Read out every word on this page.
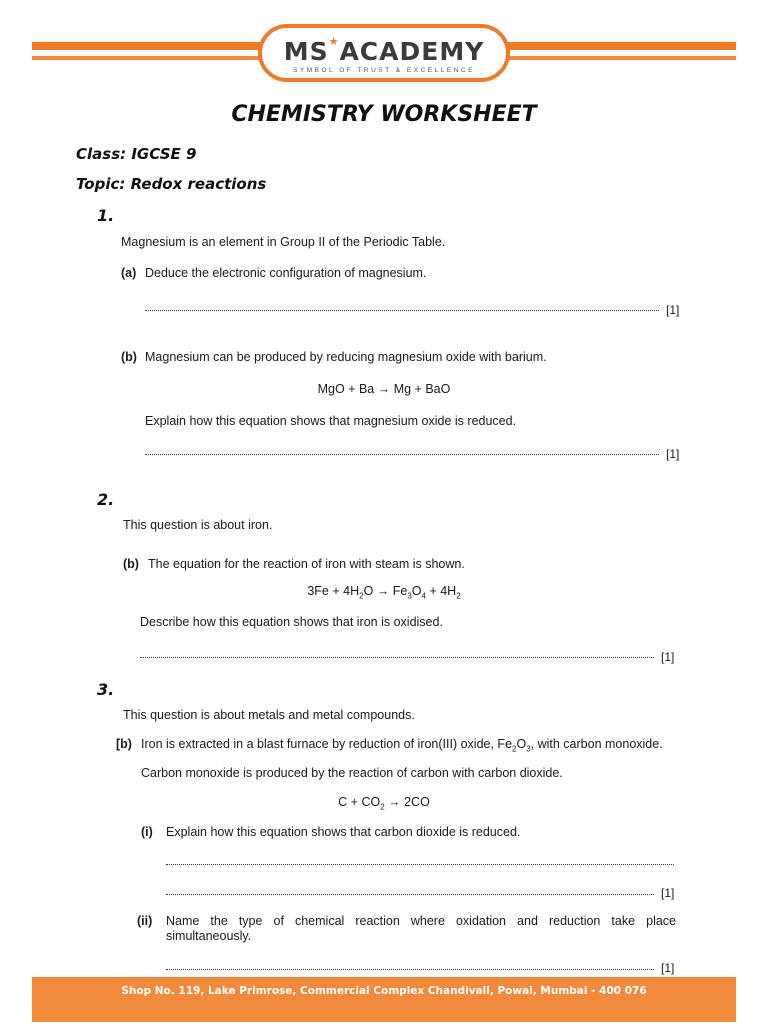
MS★ACADEMY
SYMBOL OF TRUST & EXCELLENCE
CHEMISTRY WORKSHEET
Class: IGCSE 9
Topic: Redox reactions
1.
Magnesium is an element in Group II of the Periodic Table.
(a) Deduce the electronic configuration of magnesium.
[1]
(b) Magnesium can be produced by reducing magnesium oxide with barium.
MgO + Ba → Mg + BaO
Explain how this equation shows that magnesium oxide is reduced.
[1]
2.
This question is about iron.
(b) The equation for the reaction of iron with steam is shown.
$3Fe + 4H_2O \to Fe_3O_4 + 4H_2$
Describe how this equation shows that iron is oxidised.
[1]
3.
This question is about metals and metal compounds.
[b) Iron is extracted in a blast furnace by reduction of iron(III) oxide, $Fe_2O_3$, with carbon monoxide.
Carbon monoxide is produced by the reaction of carbon with carbon dioxide.
$C + CO_2 \to 2CO$
(i) Explain how this equation shows that carbon dioxide is reduced.
[1]
(ii) Name the type of chemical reaction where oxidation and reduction take place
simultaneously.
[1]
Shop No. 119, Lake Primrose, Commercial Complex Chandivali, Powai, Mumbai - 400 076
